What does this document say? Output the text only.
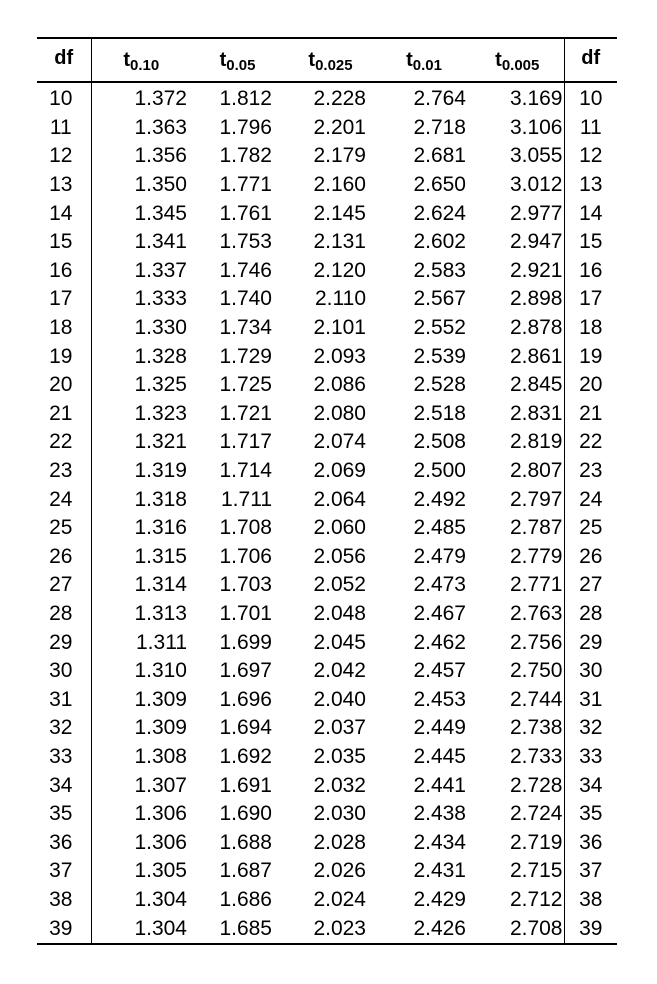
df	$t_{0.10}$	$t_{0.05}$	$t_{0.025}$	$t_{0.01}$	$t_{0.005}$	df
10	1.372	1.812	2.228	2.764	3.169	10
11	1.363	1.796	2.201	2.718	3.106	11
12	1.356	1.782	2.179	2.681	3.055	12
13	1.350	1.771	2.160	2.650	3.012	13
14	1.345	1.761	2.145	2.624	2.977	14
15	1.341	1.753	2.131	2.602	2.947	15
16	1.337	1.746	2.120	2.583	2.921	16
17	1.333	1.740	2.110	2.567	2.898	17
18	1.330	1.734	2.101	2.552	2.878	18
19	1.328	1.729	2.093	2.539	2.861	19
20	1.325	1.725	2.086	2.528	2.845	20
21	1.323	1.721	2.080	2.518	2.831	21
22	1.321	1.717	2.074	2.508	2.819	22
23	1.319	1.714	2.069	2.500	2.807	23
24	1.318	1.711	2.064	2.492	2.797	24
25	1.316	1.708	2.060	2.485	2.787	25
26	1.315	1.706	2.056	2.479	2.779	26
27	1.314	1.703	2.052	2.473	2.771	27
28	1.313	1.701	2.048	2.467	2.763	28
29	1.311	1.699	2.045	2.462	2.756	29
30	1.310	1.697	2.042	2.457	2.750	30
31	1.309	1.696	2.040	2.453	2.744	31
32	1.309	1.694	2.037	2.449	2.738	32
33	1.308	1.692	2.035	2.445	2.733	33
34	1.307	1.691	2.032	2.441	2.728	34
35	1.306	1.690	2.030	2.438	2.724	35
36	1.306	1.688	2.028	2.434	2.719	36
37	1.305	1.687	2.026	2.431	2.715	37
38	1.304	1.686	2.024	2.429	2.712	38
39	1.304	1.685	2.023	2.426	2.708	39
